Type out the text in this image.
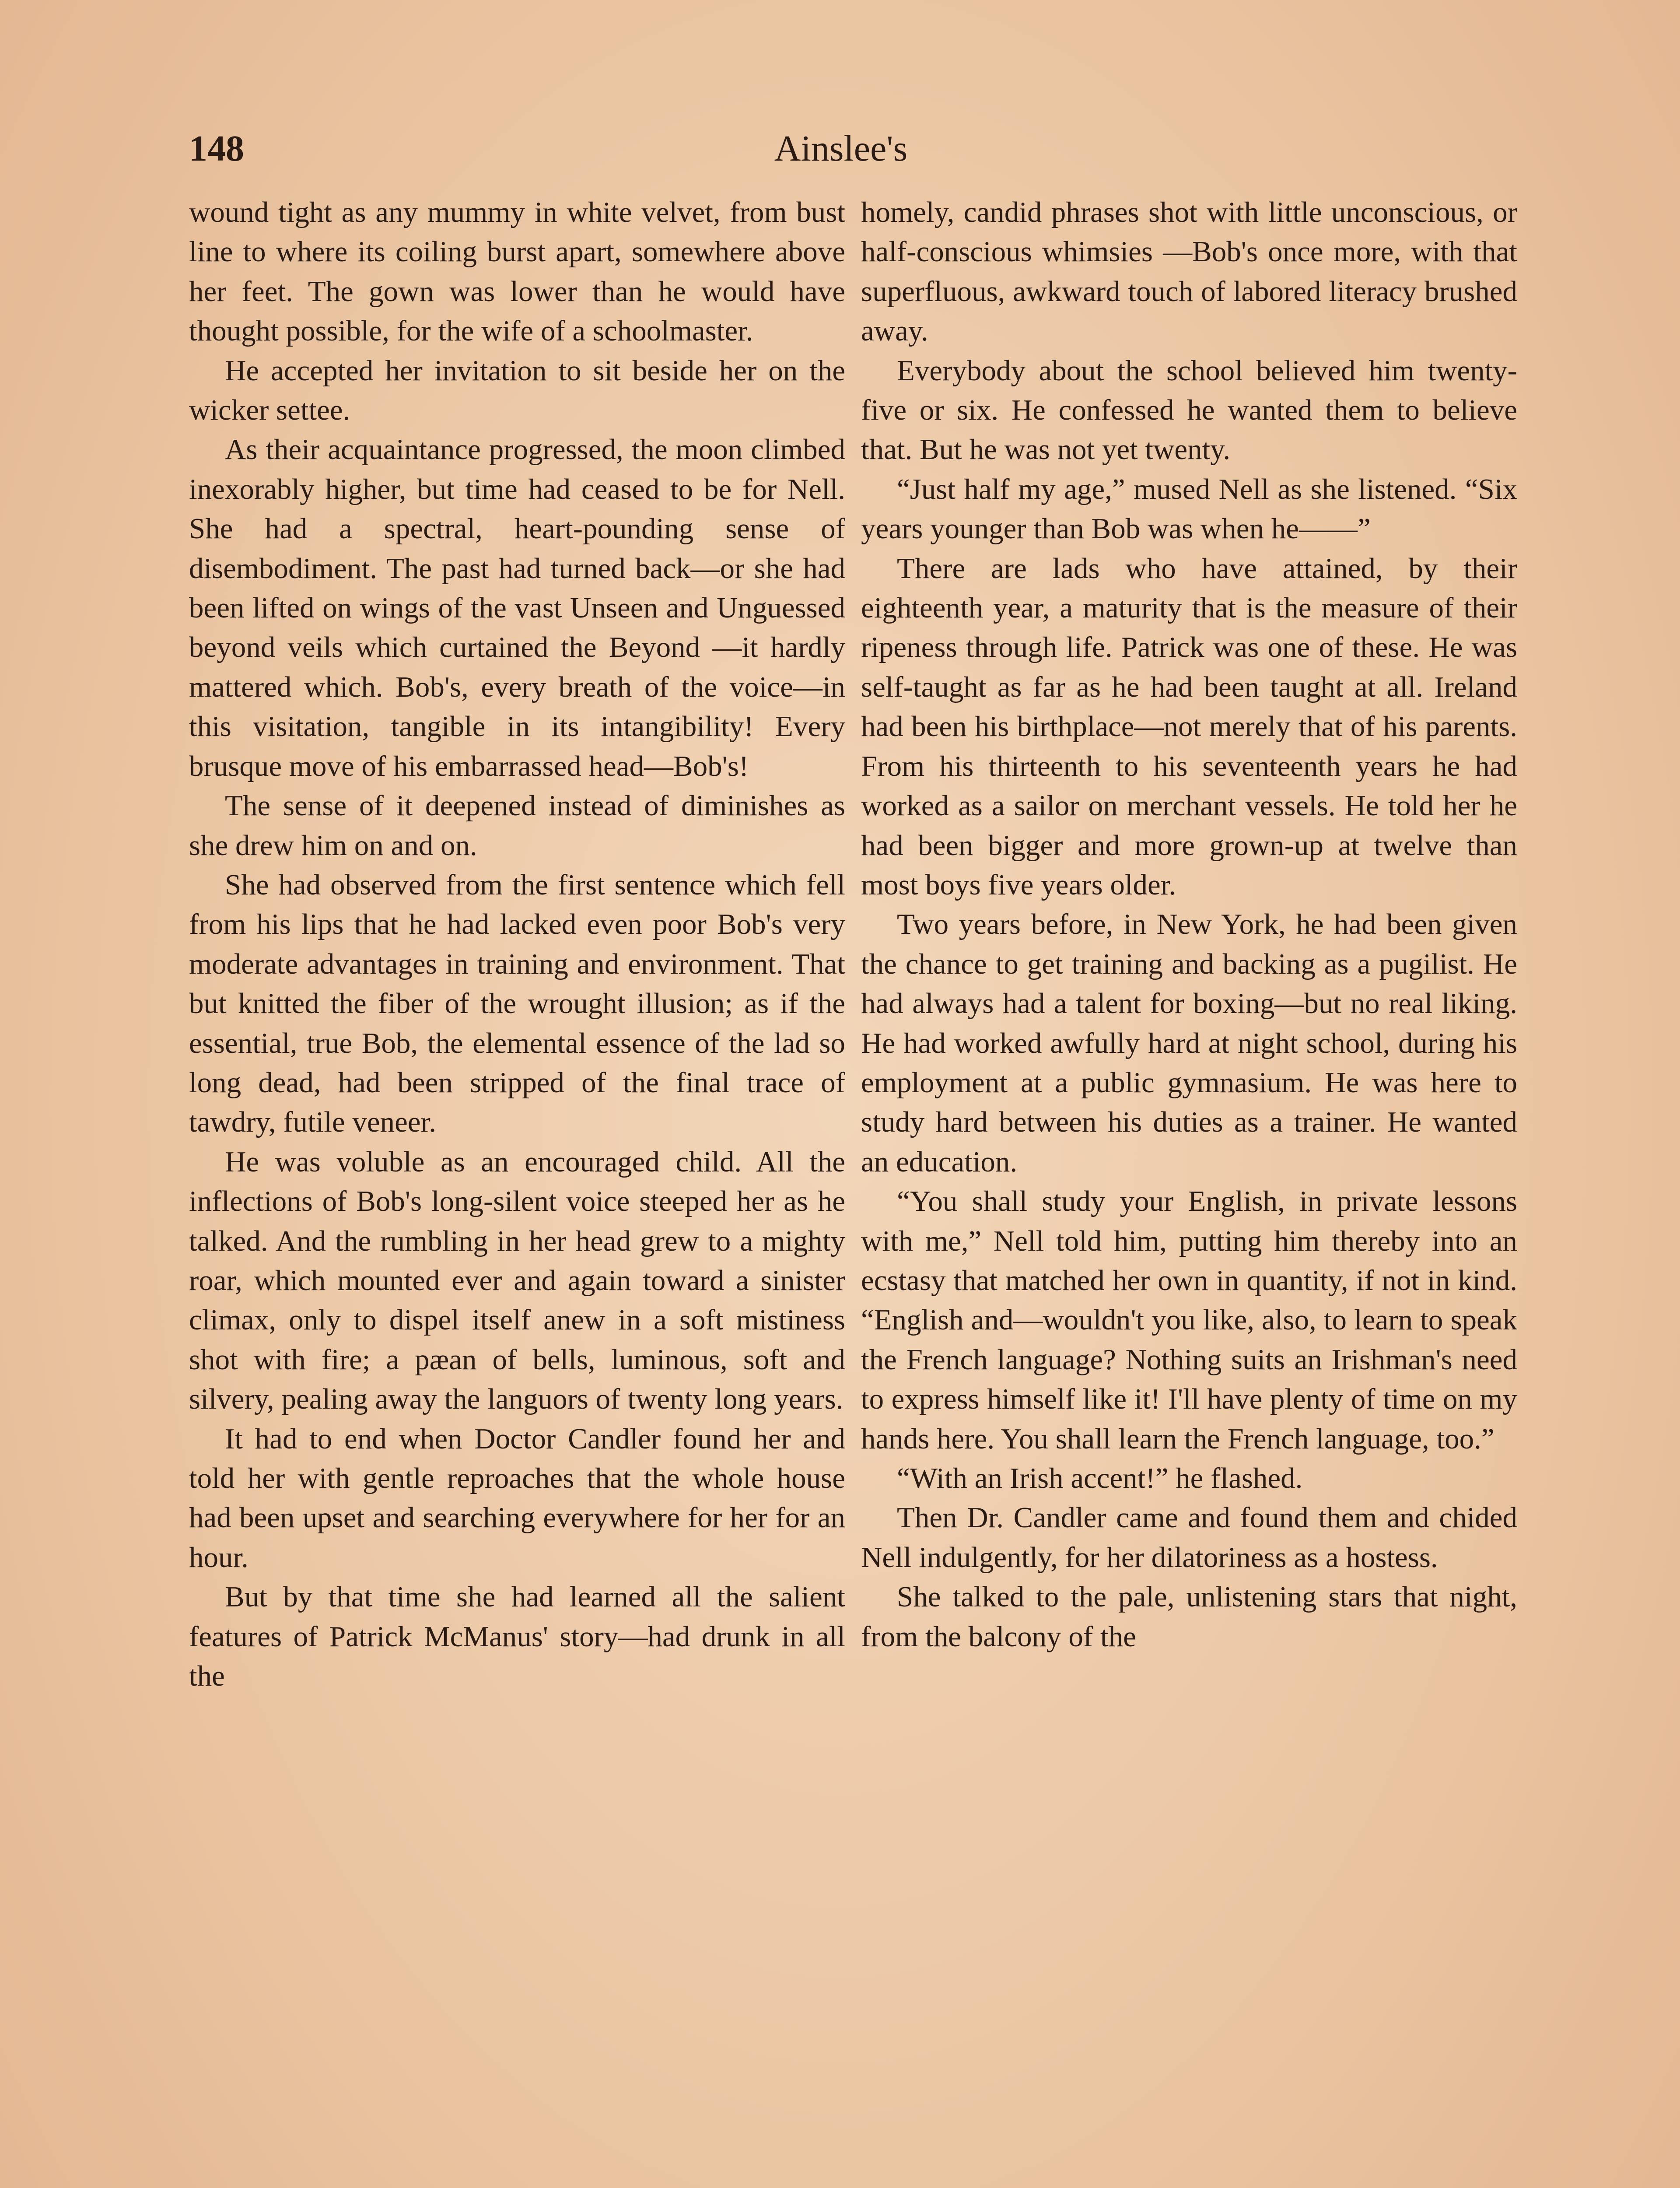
148	Ainslee's

wound tight as any mummy in white velvet, from bust line to where its coiling burst apart, somewhere above her feet. The gown was lower than he would have thought possible, for the wife of a schoolmaster.

He accepted her invitation to sit beside her on the wicker settee.

As their acquaintance progressed, the moon climbed inexorably higher, but time had ceased to be for Nell. She had a spectral, heart-pounding sense of disembodiment. The past had turned back—or she had been lifted on wings of the vast Unseen and Unguessed beyond veils which curtained the Beyond —it hardly mattered which. Bob's, every breath of the voice—in this visitation, tangible in its intangibility! Every brusque move of his embarrassed head—Bob's!

The sense of it deepened instead of diminishes as she drew him on and on.

She had observed from the first sentence which fell from his lips that he had lacked even poor Bob's very moderate advantages in training and environment. That but knitted the fiber of the wrought illusion; as if the essential, true Bob, the elemental essence of the lad so long dead, had been stripped of the final trace of tawdry, futile veneer.

He was voluble as an encouraged child. All the inflections of Bob's long-silent voice steeped her as he talked. And the rumbling in her head grew to a mighty roar, which mounted ever and again toward a sinister climax, only to dispel itself anew in a soft mistiness shot with fire; a pæan of bells, luminous, soft and silvery, pealing away the languors of twenty long years.

It had to end when Doctor Candler found her and told her with gentle reproaches that the whole house had been upset and searching everywhere for her for an hour.

But by that time she had learned all the salient features of Patrick McManus' story—had drunk in all the

homely, candid phrases shot with little unconscious, or half-conscious whimsies —Bob's once more, with that superfluous, awkward touch of labored literacy brushed away.

Everybody about the school believed him twenty-five or six. He confessed he wanted them to believe that. But he was not yet twenty.

“Just half my age,” mused Nell as she listened. “Six years younger than Bob was when he——”

There are lads who have attained, by their eighteenth year, a maturity that is the measure of their ripeness through life. Patrick was one of these. He was self-taught as far as he had been taught at all. Ireland had been his birthplace—not merely that of his parents. From his thirteenth to his seventeenth years he had worked as a sailor on merchant vessels. He told her he had been bigger and more grown-up at twelve than most boys five years older.

Two years before, in New York, he had been given the chance to get training and backing as a pugilist. He had always had a talent for boxing—but no real liking. He had worked awfully hard at night school, during his employment at a public gymnasium. He was here to study hard between his duties as a trainer. He wanted an education.

“You shall study your English, in private lessons with me,” Nell told him, putting him thereby into an ecstasy that matched her own in quantity, if not in kind. “English and—wouldn't you like, also, to learn to speak the French language? Nothing suits an Irishman's need to express himself like it! I'll have plenty of time on my hands here. You shall learn the French language, too.”

“With an Irish accent!” he flashed.

Then Dr. Candler came and found them and chided Nell indulgently, for her dilatoriness as a hostess.

She talked to the pale, unlistening stars that night, from the balcony of the
